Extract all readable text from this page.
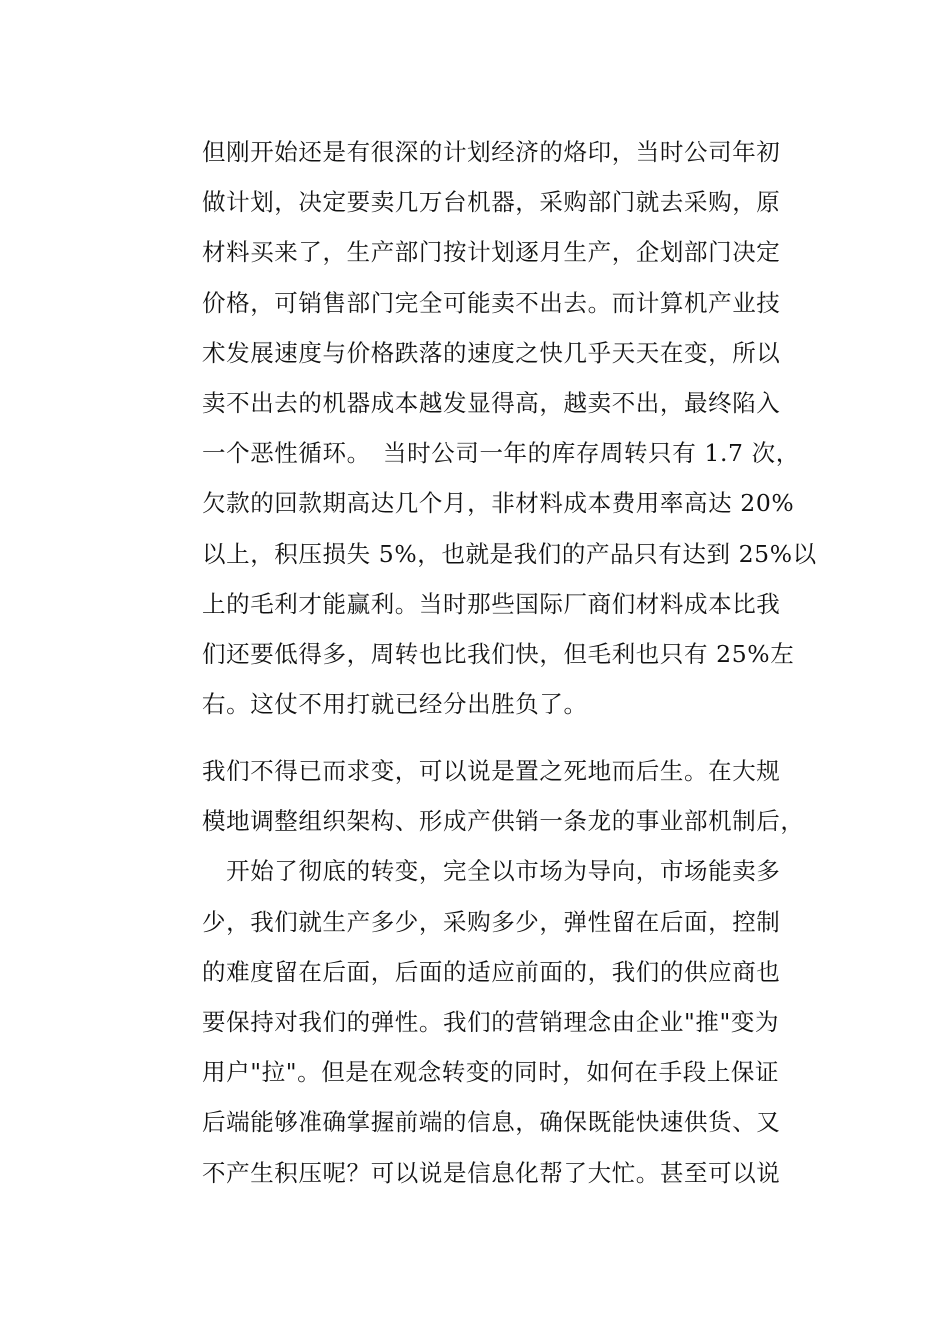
但刚开始还是有很深的计划经济的烙印，当时公司年初
做计划，决定要卖几万台机器，采购部门就去采购，原
材料买来了，生产部门按计划逐月生产，企划部门决定
价格，可销售部门完全可能卖不出去。而计算机产业技
术发展速度与价格跌落的速度之快几乎天天在变，所以
卖不出去的机器成本越发显得高，越卖不出，最终陷入
一个恶性循环。　当时公司一年的库存周转只有 1.7 次，
欠款的回款期高达几个月，非材料成本费用率高达 20%
以上，积压损失 5%，也就是我们的产品只有达到 25%以
上的毛利才能赢利。当时那些国际厂商们材料成本比我
们还要低得多，周转也比我们快，但毛利也只有 25%左
右。这仗不用打就已经分出胜负了。
我们不得已而求变，可以说是置之死地而后生。在大规
模地调整组织架构、形成产供销一条龙的事业部机制后，
　开始了彻底的转变，完全以市场为导向，市场能卖多
少，我们就生产多少，采购多少，弹性留在后面，控制
的难度留在后面，后面的适应前面的，我们的供应商也
要保持对我们的弹性。我们的营销理念由企业"推"变为
用户"拉"。但是在观念转变的同时，如何在手段上保证
后端能够准确掌握前端的信息，确保既能快速供货、又
不产生积压呢？可以说是信息化帮了大忙。甚至可以说
